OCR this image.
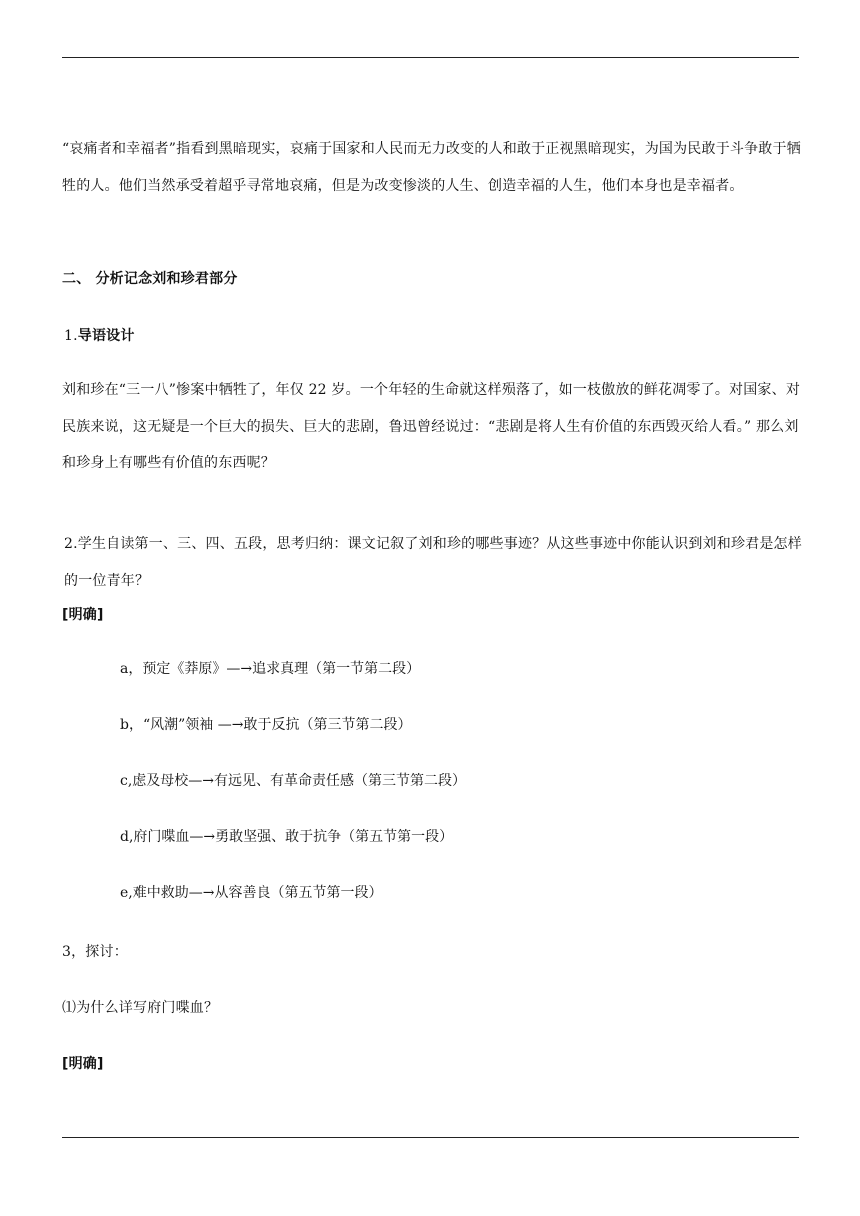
“哀痛者和幸福者”指看到黑暗现实，哀痛于国家和人民而无力改变的人和敢于正视黑暗现实，为国为民敢于斗争敢于牺牲的人。他们当然承受着超乎寻常地哀痛，但是为改变惨淡的人生、创造幸福的人生，他们本身也是幸福者。
二、 分析记念刘和珍君部分
1.导语设计
刘和珍在“三一八”惨案中牺牲了，年仅 22 岁。一个年轻的生命就这样殒落了，如一枝傲放的鲜花凋零了。对国家、对民族来说，这无疑是一个巨大的损失、巨大的悲剧，鲁迅曾经说过：“悲剧是将人生有价值的东西毁灭给人看。” 那么刘和珍身上有哪些有价值的东西呢？
2.学生自读第一、三、四、五段，思考归纳：课文记叙了刘和珍的哪些事迹？从这些事迹中你能认识到刘和珍君是怎样的一位青年？
[明确]
a，预定《莽原》—→追求真理（第一节第二段）
b，“风潮”领袖 —→敢于反抗（第三节第二段）
c,虑及母校—→有远见、有革命责任感（第三节第二段）
d,府门喋血—→勇敢坚强、敢于抗争（第五节第一段）
e,难中救助—→从容善良（第五节第一段）
3，探讨：
⑴为什么详写府门喋血？
[明确]
